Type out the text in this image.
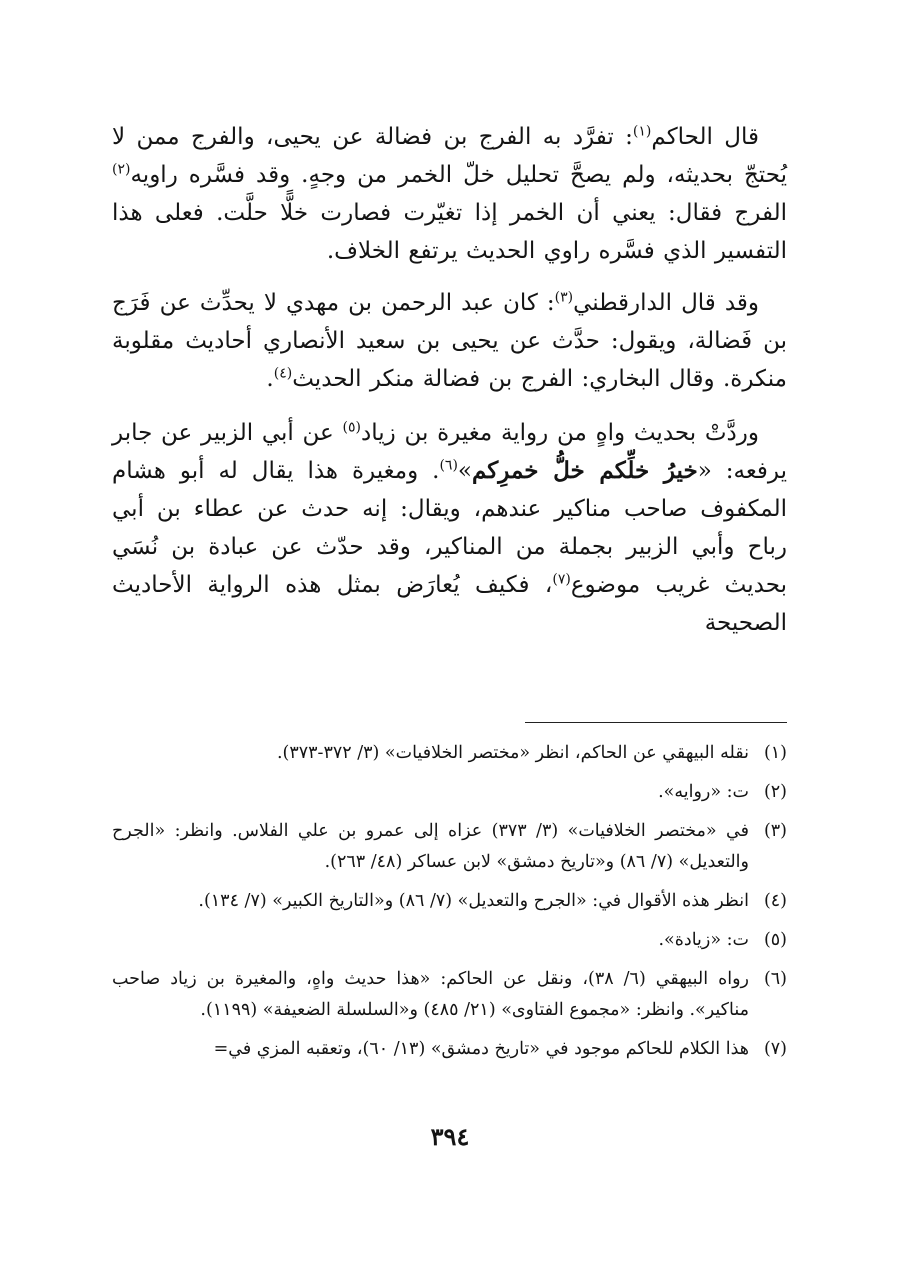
قال الحاكم$^{(١)}$: تفرَّد به الفرج بن فضالة عن يحيى، والفرج ممن لا يُحتجّ بحديثه، ولم يصحَّ تحليل خلّ الخمر من وجهٍ. وقد فسَّره راويه$^{(٢)}$ الفرج فقال: يعني أن الخمر إذا تغيّرت فصارت خلًّا حلَّت. فعلى هذا التفسير الذي فسَّره راوي الحديث يرتفع الخلاف.

وقد قال الدارقطني$^{(٣)}$: كان عبد الرحمن بن مهدي لا يحدِّث عن فَرَج بن فَضالة، ويقول: حدَّث عن يحيى بن سعيد الأنصاري أحاديث مقلوبة منكرة. وقال البخاري: الفرج بن فضالة منكر الحديث$^{(٤)}$.

وردَّتْ بحديث واهٍ من رواية مغيرة بن زياد$^{(٥)}$ عن أبي الزبير عن جابر يرفعه: «خيرُ خلِّكم خلُّ خمرِكم»$^{(٦)}$. ومغيرة هذا يقال له أبو هشام المكفوف صاحب مناكير عندهم، ويقال: إنه حدث عن عطاء بن أبي رباح وأبي الزبير بجملة من المناكير، وقد حدّث عن عبادة بن نُسَي بحديث غريب موضوع$^{(٧)}$، فكيف يُعارَض بمثل هذه الرواية الأحاديث الصحيحة

(١)
نقله البيهقي عن الحاكم، انظر «مختصر الخلافيات» (٣/ ٣٧٢-٣٧٣).
(٢)
ت: «روايه».
(٣)
في «مختصر الخلافيات» (٣/ ٣٧٣) عزاه إلى عمرو بن علي الفلاس. وانظر: «الجرح والتعديل» (٧/ ٨٦) و«تاريخ دمشق» لابن عساكر (٤٨/ ٢٦٣).
(٤)
انظر هذه الأقوال في: «الجرح والتعديل» (٧/ ٨٦) و«التاريخ الكبير» (٧/ ١٣٤).
(٥)
ت: «زيادة».
(٦)
رواه البيهقي (٦/ ٣٨)، ونقل عن الحاكم: «هذا حديث واهٍ، والمغيرة بن زياد صاحب مناكير». وانظر: «مجموع الفتاوى» (٢١/ ٤٨٥) و«السلسلة الضعيفة» (١١٩٩).
(٧)
هذا الكلام للحاكم موجود في «تاريخ دمشق» (١٣/ ٦٠)، وتعقبه المزي في=
٣٩٤
